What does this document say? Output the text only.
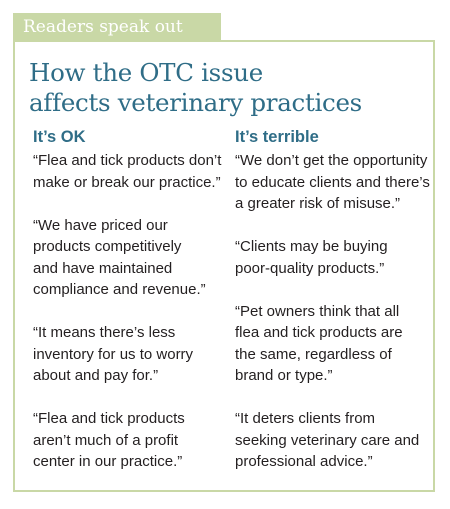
Readers speak out
How the OTC issue
affects veterinary practices
It’s OK
“Flea and tick products don’t
make or break our practice.”
“We have priced our
products competitively
and have maintained
compliance and revenue.”
“It means there’s less
inventory for us to worry
about and pay for.”
“Flea and tick products
aren’t much of a profit
center in our practice.”
It’s terrible
“We don’t get the opportunity
to educate clients and there’s
a greater risk of misuse.”
“Clients may be buying
poor-quality products.”
“Pet owners think that all
flea and tick products are
the same, regardless of
brand or type.”
“It deters clients from
seeking veterinary care and
professional advice.”
